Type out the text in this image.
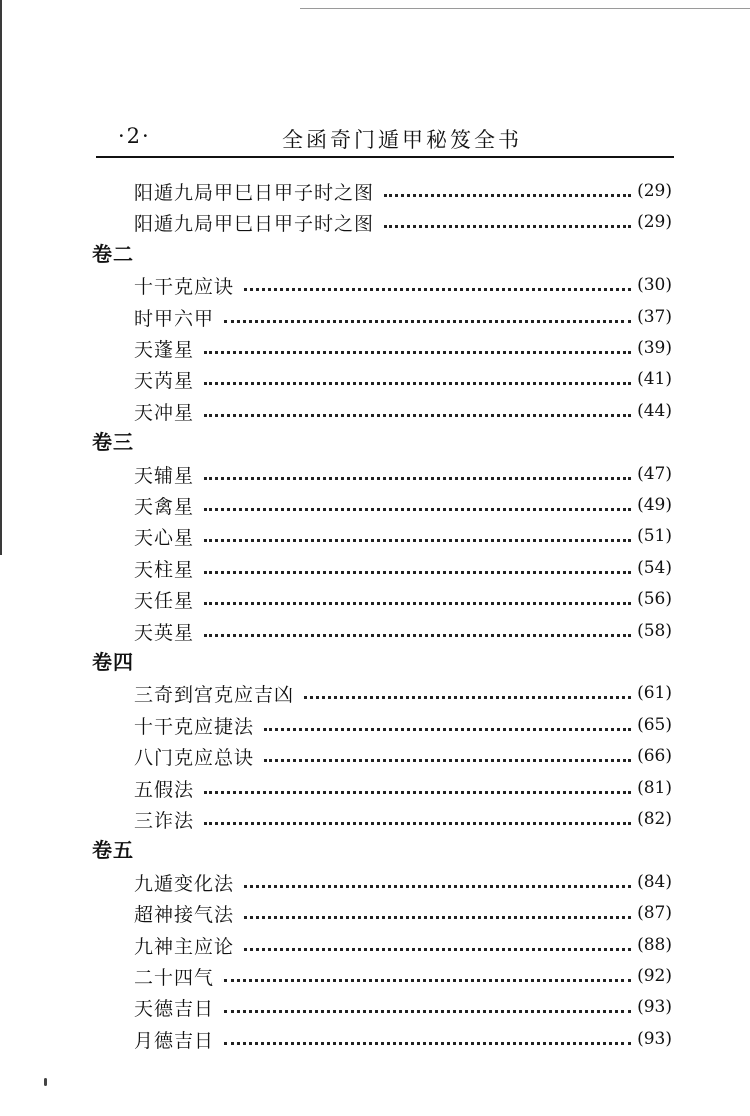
·2·	全函奇门遁甲秘笈全书
阳遁九局甲巳日甲子时之图	(29)
阳遁九局甲巳日甲子时之图	(29)
卷二
十干克应诀	(30)
时甲六甲	(37)
天蓬星	(39)
天芮星	(41)
天冲星	(44)
卷三
天辅星	(47)
天禽星	(49)
天心星	(51)
天柱星	(54)
天任星	(56)
天英星	(58)
卷四
三奇到宫克应吉凶	(61)
十干克应捷法	(65)
八门克应总诀	(66)
五假法	(81)
三诈法	(82)
卷五
九遁变化法	(84)
超神接气法	(87)
九神主应论	(88)
二十四气	(92)
天德吉日	(93)
月德吉日	(93)
